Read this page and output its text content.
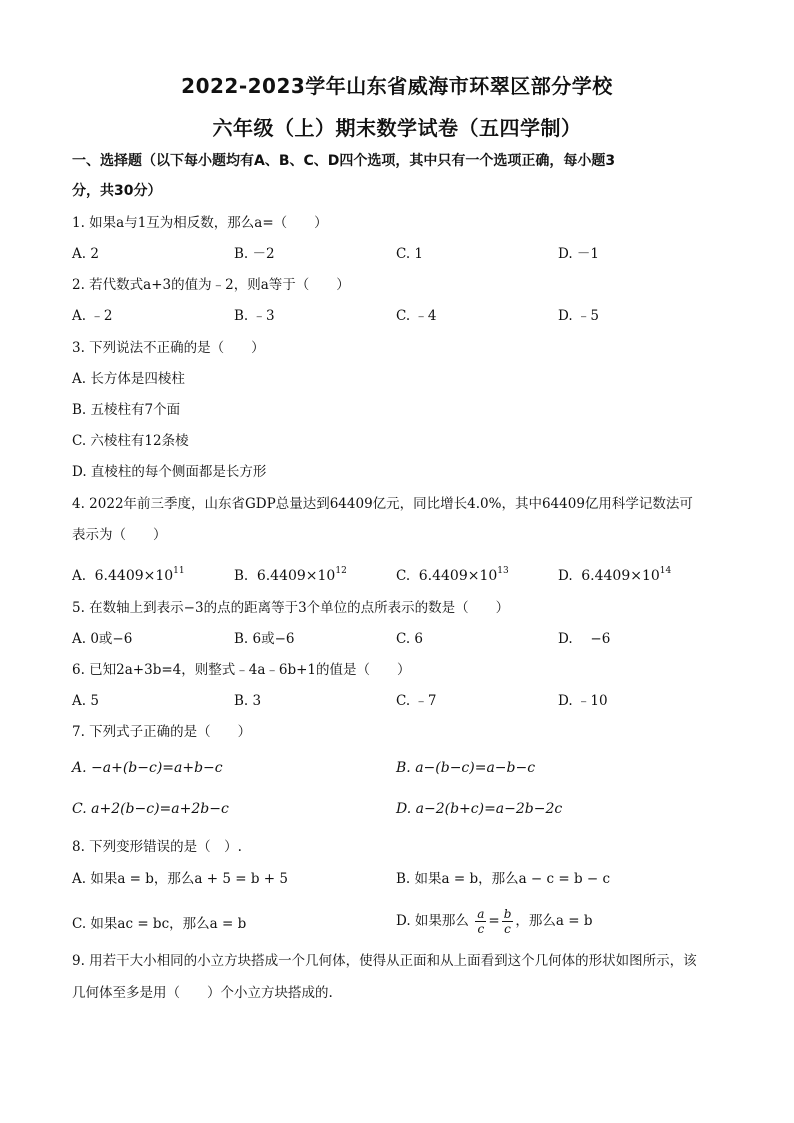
2022-2023学年山东省威海市环翠区部分学校
六年级（上）期末数学试卷（五四学制）
一、选择题（以下每小题均有A、B、C、D四个选项，其中只有一个选项正确，每小题3
分，共30分）
1. 如果a与1互为相反数，那么a=（　　）
A. 2	B. －2	C. 1	D. －1
2. 若代数式a+3的值为﹣2，则a等于（　　）
A. ﹣2	B. ﹣3	C. ﹣4	D. ﹣5
3. 下列说法不正确的是（　　）
A. 长方体是四棱柱
B. 五棱柱有7个面
C. 六棱柱有12条棱
D. 直棱柱的每个侧面都是长方形
4. 2022年前三季度，山东省GDP总量达到64409亿元，同比增长4.0%，其中64409亿用科学记数法可
表示为（　　）
A. $6.4409\times 10^{11}$	B. $6.4409\times 10^{12}$	C. $6.4409\times 10^{13}$	D. $6.4409\times 10^{14}$
5. 在数轴上到表示−3的点的距离等于3个单位的点所表示的数是（　　）
A. 0或−6	B. 6或−6	C. 6	D. 　−6
6. 已知2a+3b=4，则整式﹣4a﹣6b+1的值是（　　）
A. 5	B. 3	C. ﹣7	D. ﹣10
7. 下列式子正确的是（　　）
A. −a+(b−c)=a+b−c	B. a−(b−c)=a−b−c
C. a+2(b−c)=a+2b−c	D. a−2(b+c)=a−2b−2c
8. 下列变形错误的是（　）.
A. 如果a = b，那么a + 5 = b + 5	B. 如果a = b，那么a − c = b − c
C. 如果ac = bc，那么a = b	D. 如果那么 $\frac{a}{c} = \frac{b}{c}$ ，那么a = b
9. 用若干大小相同的小立方块搭成一个几何体，使得从正面和从上面看到这个几何体的形状如图所示，该
几何体至多是用（　　）个小立方块搭成的.
